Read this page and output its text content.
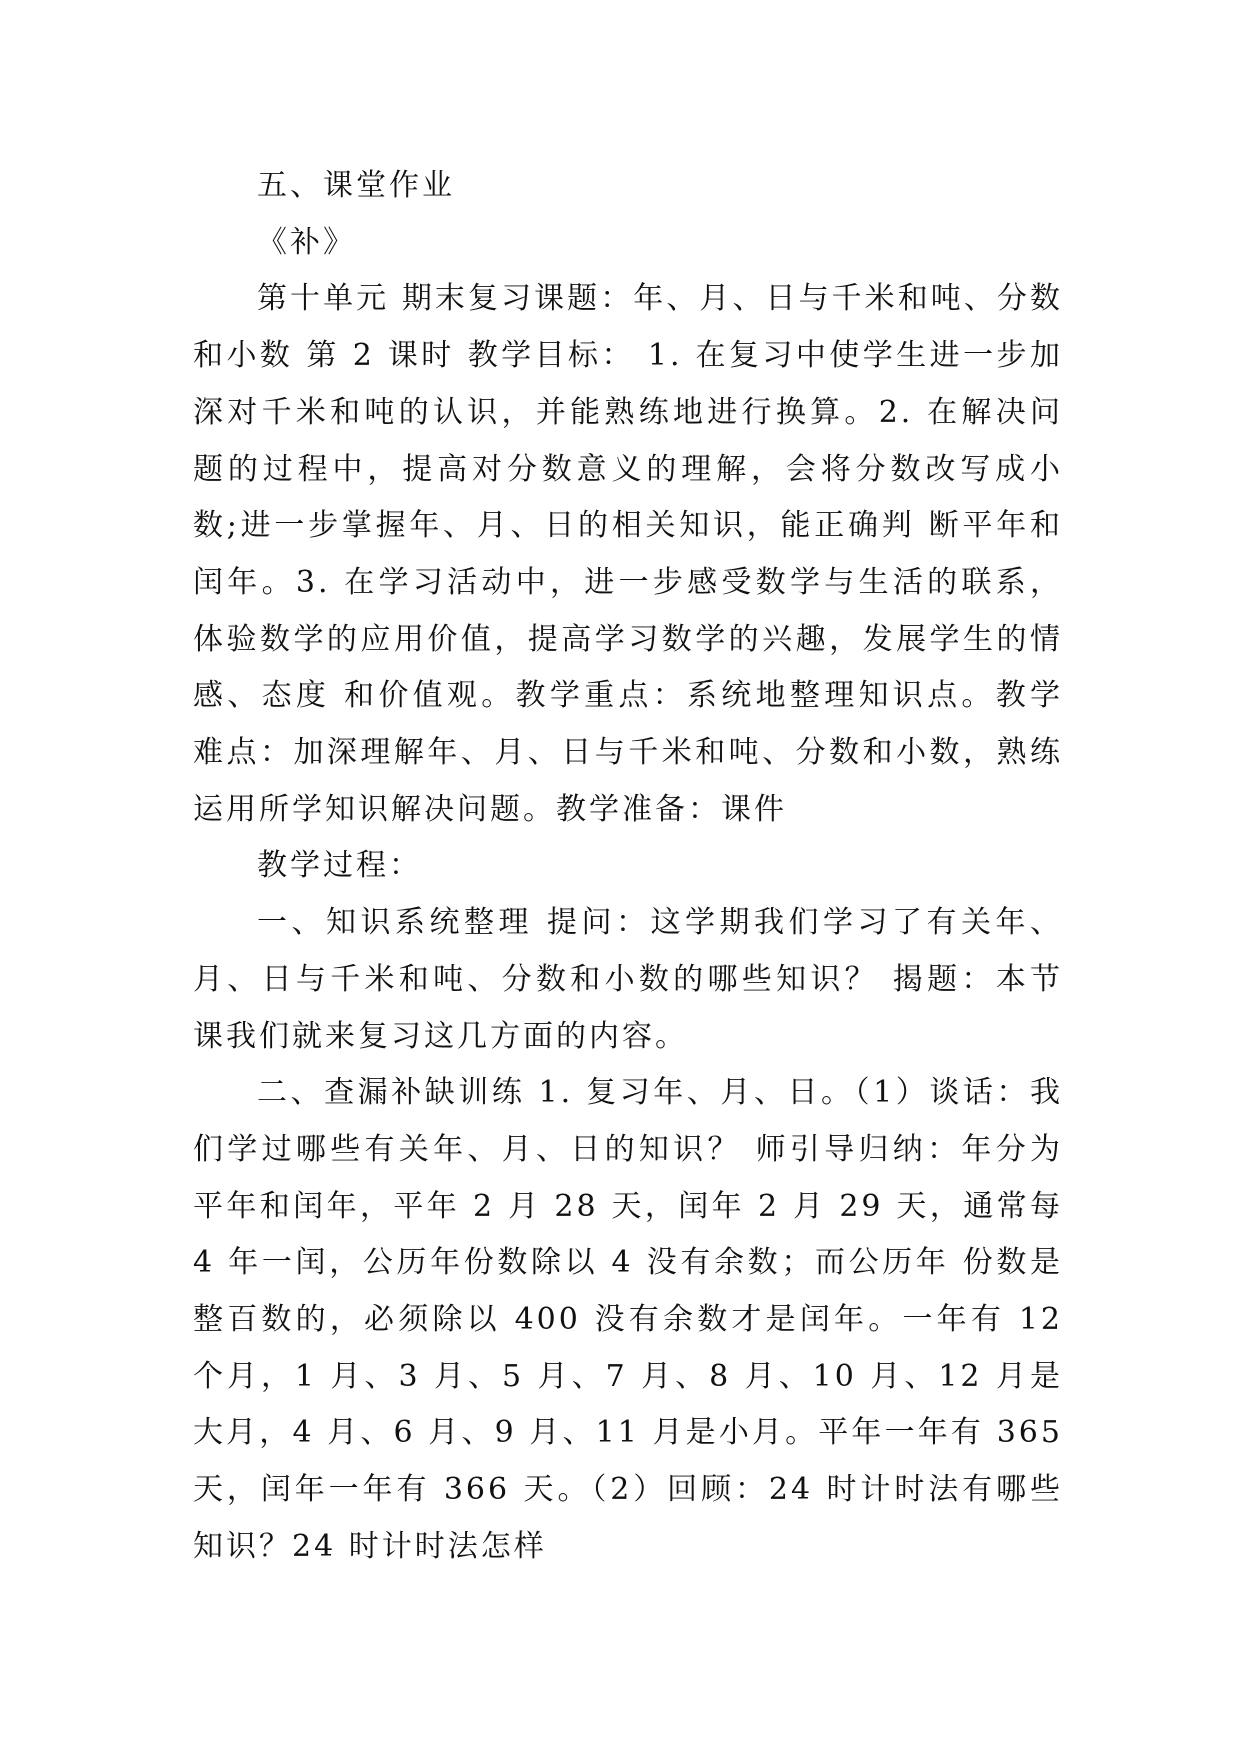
五、课堂作业

《补》

第十单元 期末复习课题：年、月、日与千米和吨、分数和小数 第 2 课时 教学目标： 1. 在复习中使学生进一步加深对千米和吨的认识，并能熟练地进行换算。2. 在解决问题的过程中，提高对分数意义的理解，会将分数改写成小数;进一步掌握年、月、日的相关知识，能正确判 断平年和闰年。3. 在学习活动中，进一步感受数学与生活的联系，体验数学的应用价值，提高学习数学的兴趣，发展学生的情感、态度 和价值观。教学重点：系统地整理知识点。教学难点：加深理解年、月、日与千米和吨、分数和小数，熟练运用所学知识解决问题。教学准备：课件

教学过程：

一、知识系统整理 提问：这学期我们学习了有关年、月、日与千米和吨、分数和小数的哪些知识？ 揭题：本节课我们就来复习这几方面的内容。

二、查漏补缺训练 1. 复习年、月、日。（1）谈话：我们学过哪些有关年、月、日的知识？ 师引导归纳：年分为平年和闰年，平年 2 月 28 天，闰年 2 月 29 天，通常每 4 年一闰，公历年份数除以 4 没有余数；而公历年 份数是整百数的，必须除以 400 没有余数才是闰年。一年有 12 个月，1 月、3 月、5 月、7 月、8 月、10 月、12 月是大月，4 月、6 月、9 月、11 月是小月。平年一年有 365 天，闰年一年有 366 天。（2）回顾：24 时计时法有哪些知识？24 时计时法怎样
